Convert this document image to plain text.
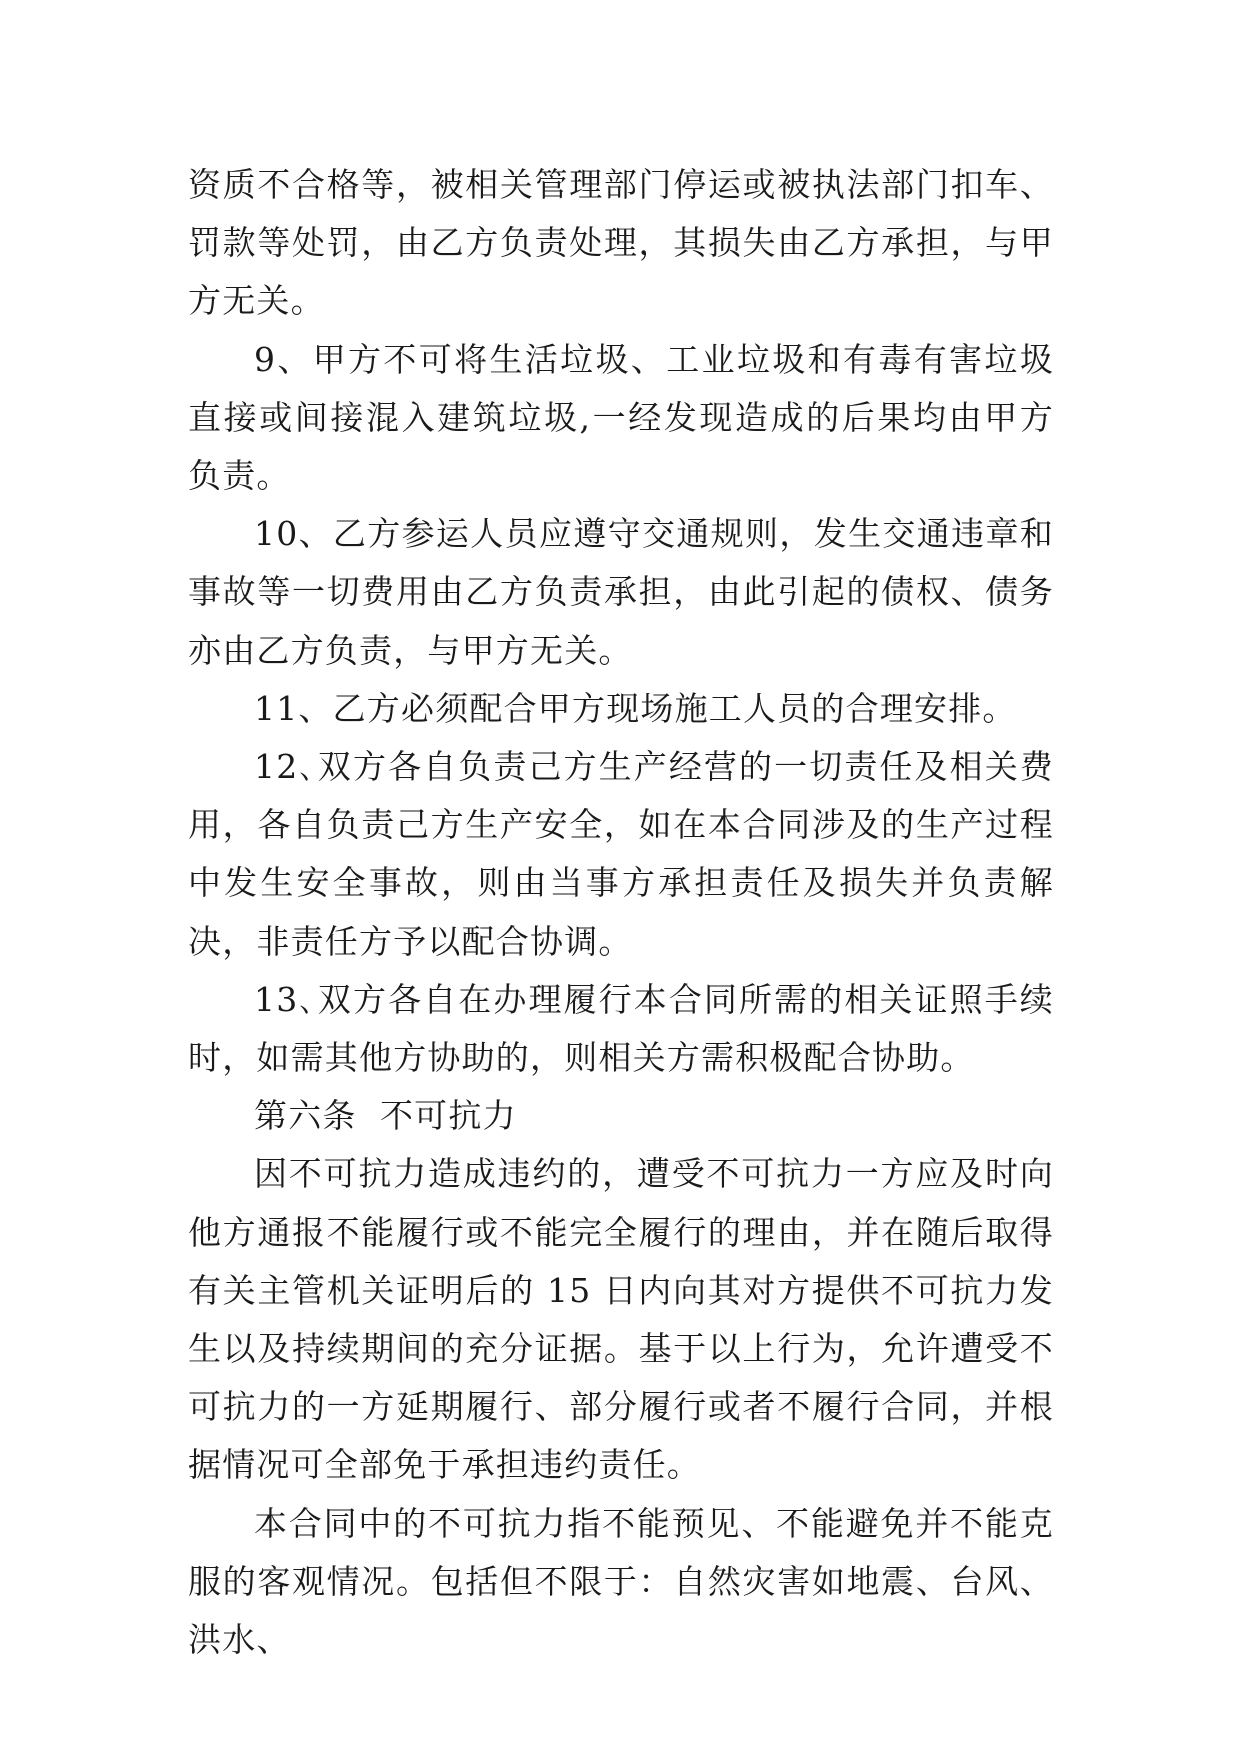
资质不合格等，被相关管理部门停运或被执法部门扣车、罚款等处罚，由乙方负责处理，其损失由乙方承担，与甲方无关。

9、甲方不可将生活垃圾、工业垃圾和有毒有害垃圾直接或间接混入建筑垃圾,一经发现造成的后果均由甲方负责。

10、乙方参运人员应遵守交通规则，发生交通违章和事故等一切费用由乙方负责承担，由此引起的债权、债务亦由乙方负责，与甲方无关。

11、乙方必须配合甲方现场施工人员的合理安排。

12､双方各自负责己方生产经营的一切责任及相关费用，各自负责己方生产安全，如在本合同涉及的生产过程中发生安全事故，则由当事方承担责任及损失并负责解决，非责任方予以配合协调。

13､双方各自在办理履行本合同所需的相关证照手续时，如需其他方协助的，则相关方需积极配合协助。

第六条  不可抗力

因不可抗力造成违约的，遭受不可抗力一方应及时向他方通报不能履行或不能完全履行的理由，并在随后取得有关主管机关证明后的 15 日内向其对方提供不可抗力发生以及持续期间的充分证据。基于以上行为，允许遭受不可抗力的一方延期履行、部分履行或者不履行合同，并根据情况可全部免于承担违约责任。

本合同中的不可抗力指不能预见、不能避免并不能克服的客观情况。包括但不限于：自然灾害如地震、台风、洪水、
